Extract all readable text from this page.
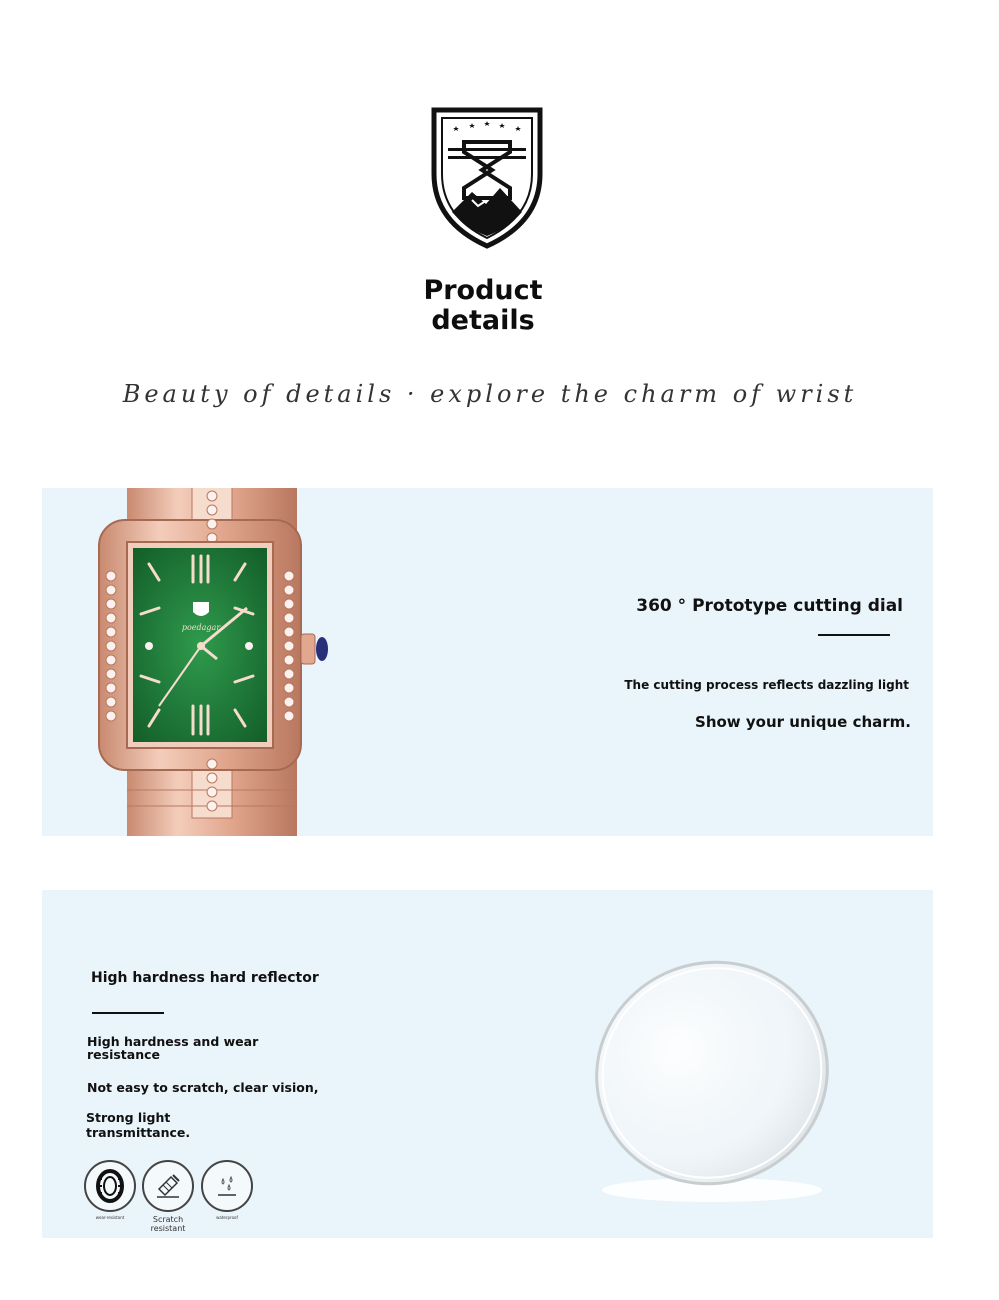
Product
details
Beauty of details · explore the charm of wrist
poedagar
360 ° Prototype cutting dial
The cutting process reflects dazzling light
Show your unique charm.
High hardness hard reflector
High hardness and wear resistance
Not easy to scratch, clear vision,
Strong light transmittance.
wear-resistant	Scratch resistant
waterproof
